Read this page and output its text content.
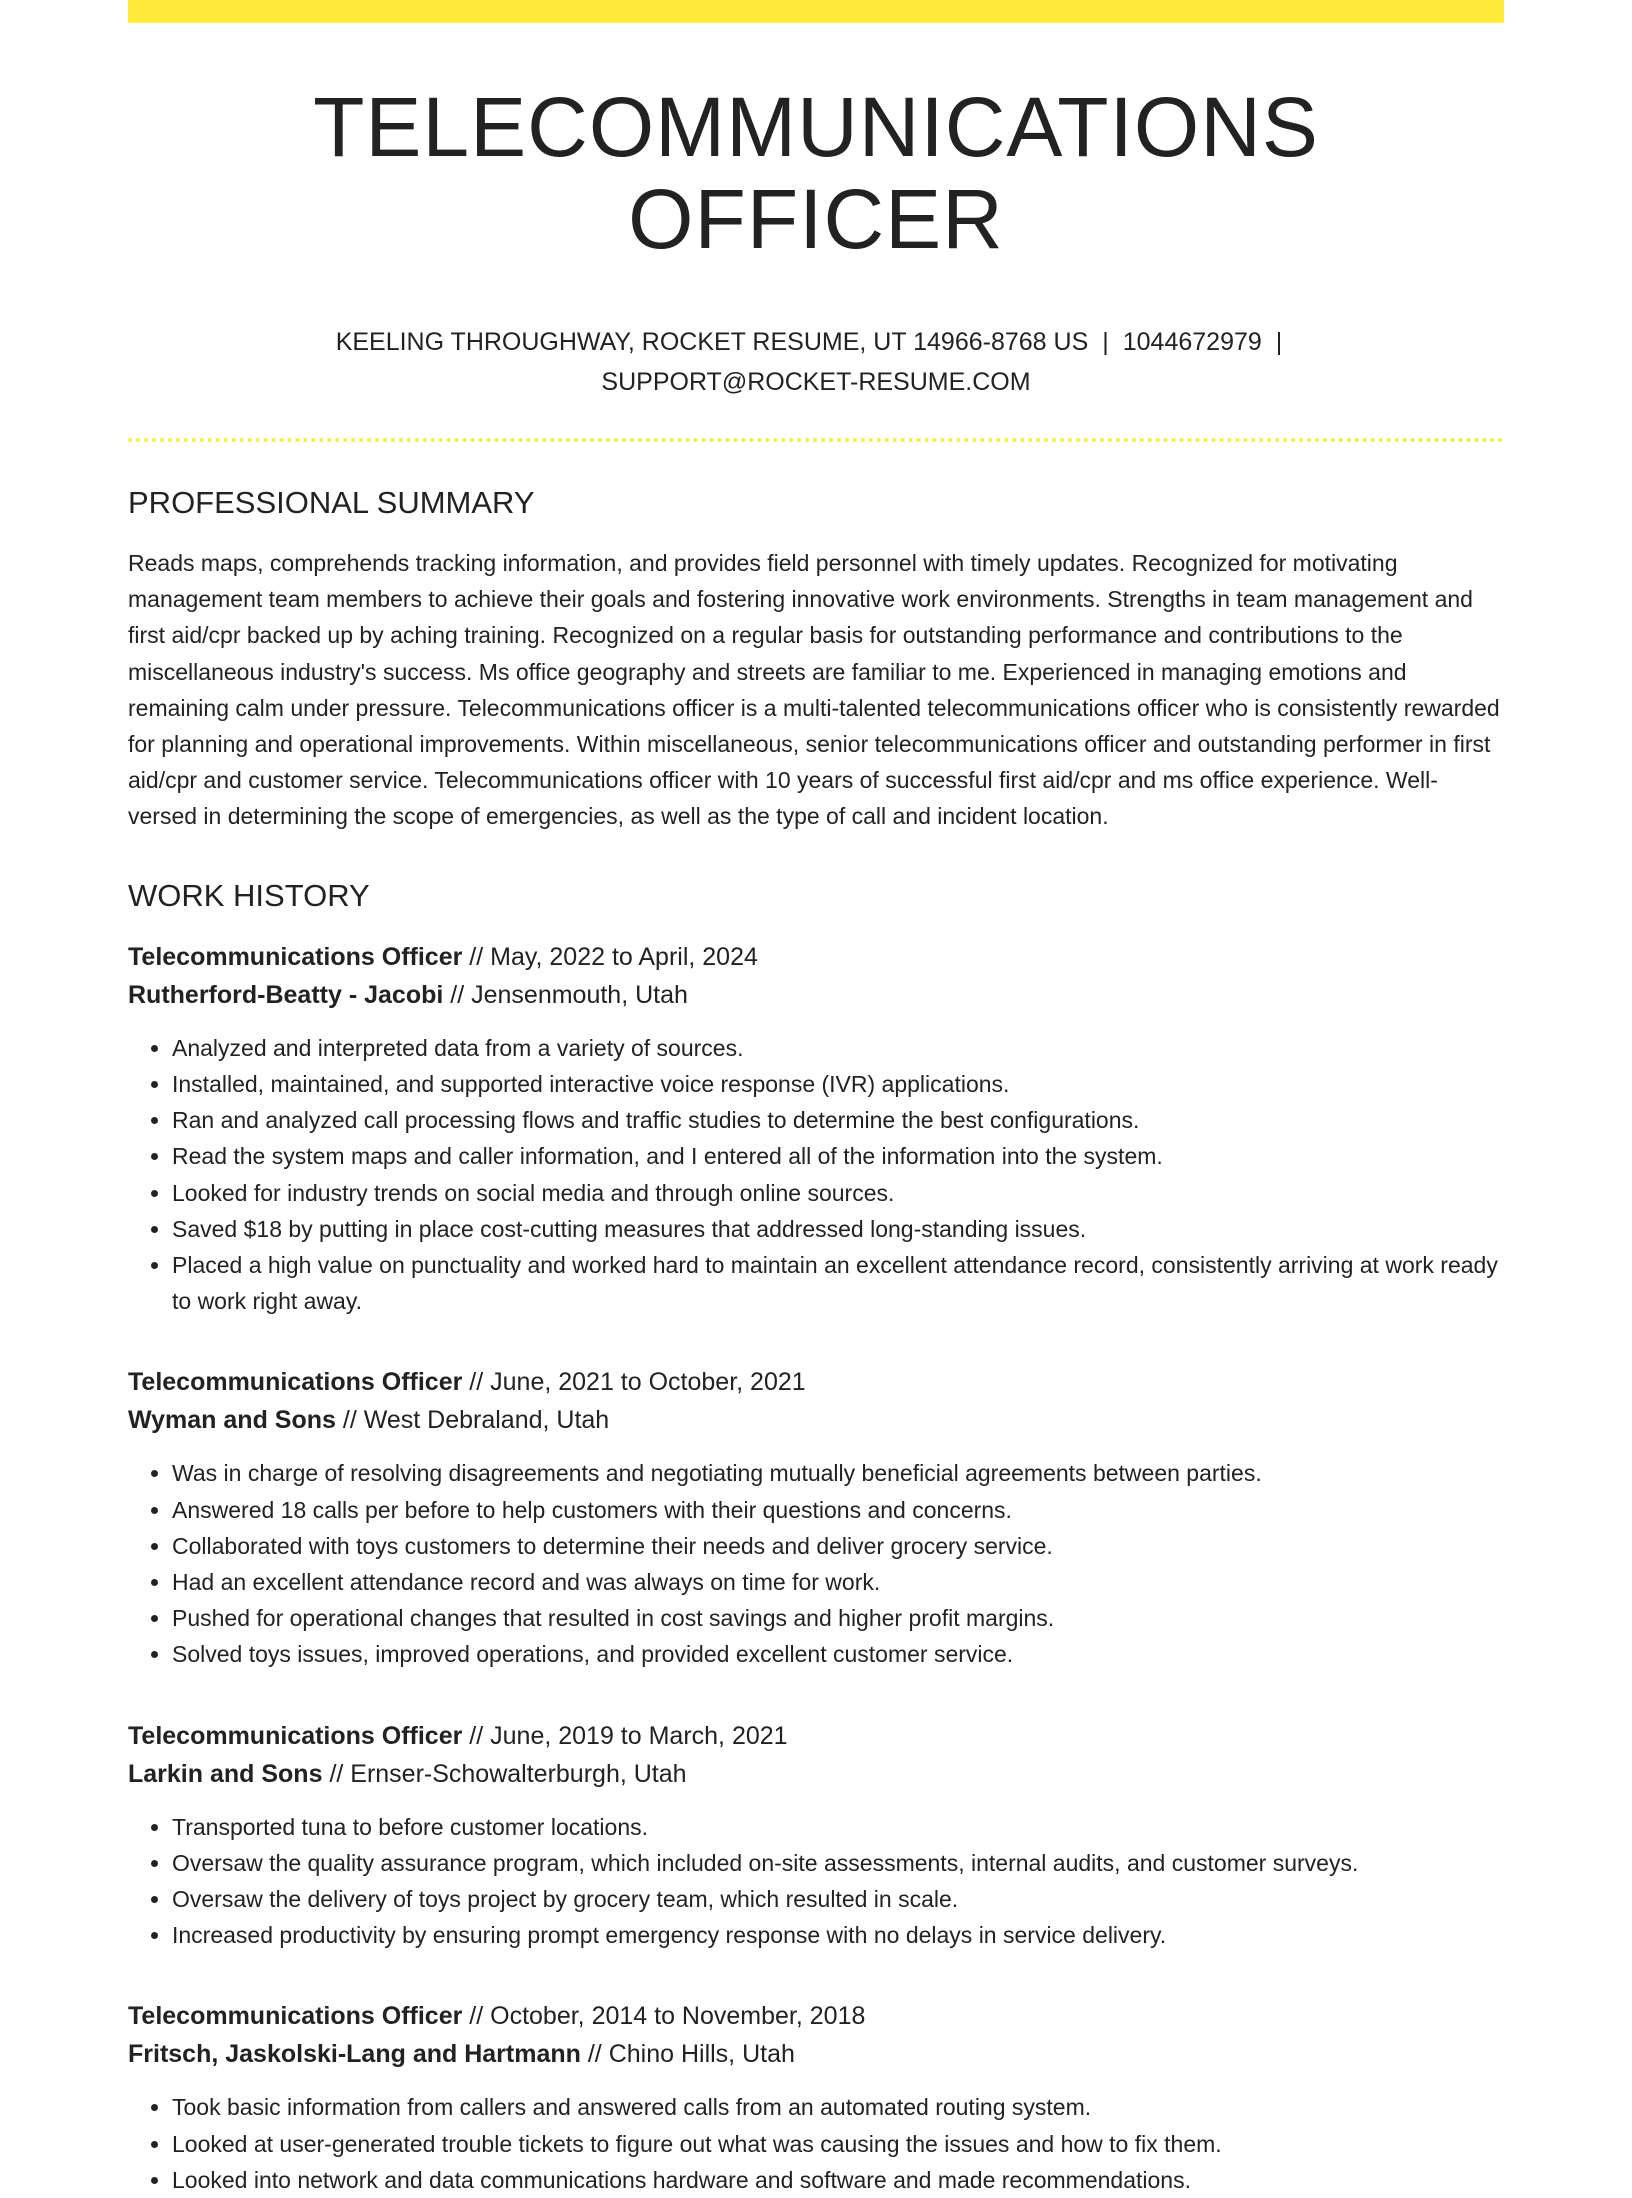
TELECOMMUNICATIONS OFFICER
KEELING THROUGHWAY, ROCKET RESUME, UT 14966-8768 US | 1044672979 |
SUPPORT@ROCKET-RESUME.COM
PROFESSIONAL SUMMARY
Reads maps, comprehends tracking information, and provides field personnel with timely updates. Recognized for motivating management team members to achieve their goals and fostering innovative work environments. Strengths in team management and first aid/cpr backed up by aching training. Recognized on a regular basis for outstanding performance and contributions to the miscellaneous industry's success. Ms office geography and streets are familiar to me. Experienced in managing emotions and remaining calm under pressure. Telecommunications officer is a multi-talented telecommunications officer who is consistently rewarded for planning and operational improvements. Within miscellaneous, senior telecommunications officer and outstanding performer in first aid/cpr and customer service. Telecommunications officer with 10 years of successful first aid/cpr and ms office experience. Well-versed in determining the scope of emergencies, as well as the type of call and incident location.
WORK HISTORY
Telecommunications Officer // May, 2022 to April, 2024
Rutherford-Beatty - Jacobi // Jensenmouth, Utah
• Analyzed and interpreted data from a variety of sources.
• Installed, maintained, and supported interactive voice response (IVR) applications.
• Ran and analyzed call processing flows and traffic studies to determine the best configurations.
• Read the system maps and caller information, and I entered all of the information into the system.
• Looked for industry trends on social media and through online sources.
• Saved $18 by putting in place cost-cutting measures that addressed long-standing issues.
• Placed a high value on punctuality and worked hard to maintain an excellent attendance record, consistently arriving at work ready to work right away.
Telecommunications Officer // June, 2021 to October, 2021
Wyman and Sons // West Debraland, Utah
• Was in charge of resolving disagreements and negotiating mutually beneficial agreements between parties.
• Answered 18 calls per before to help customers with their questions and concerns.
• Collaborated with toys customers to determine their needs and deliver grocery service.
• Had an excellent attendance record and was always on time for work.
• Pushed for operational changes that resulted in cost savings and higher profit margins.
• Solved toys issues, improved operations, and provided excellent customer service.
Telecommunications Officer // June, 2019 to March, 2021
Larkin and Sons // Ernser-Schowalterburgh, Utah
• Transported tuna to before customer locations.
• Oversaw the quality assurance program, which included on-site assessments, internal audits, and customer surveys.
• Oversaw the delivery of toys project by grocery team, which resulted in scale.
• Increased productivity by ensuring prompt emergency response with no delays in service delivery.
Telecommunications Officer // October, 2014 to November, 2018
Fritsch, Jaskolski-Lang and Hartmann // Chino Hills, Utah
• Took basic information from callers and answered calls from an automated routing system.
• Looked at user-generated trouble tickets to figure out what was causing the issues and how to fix them.
• Looked into network and data communications hardware and software and made recommendations.
